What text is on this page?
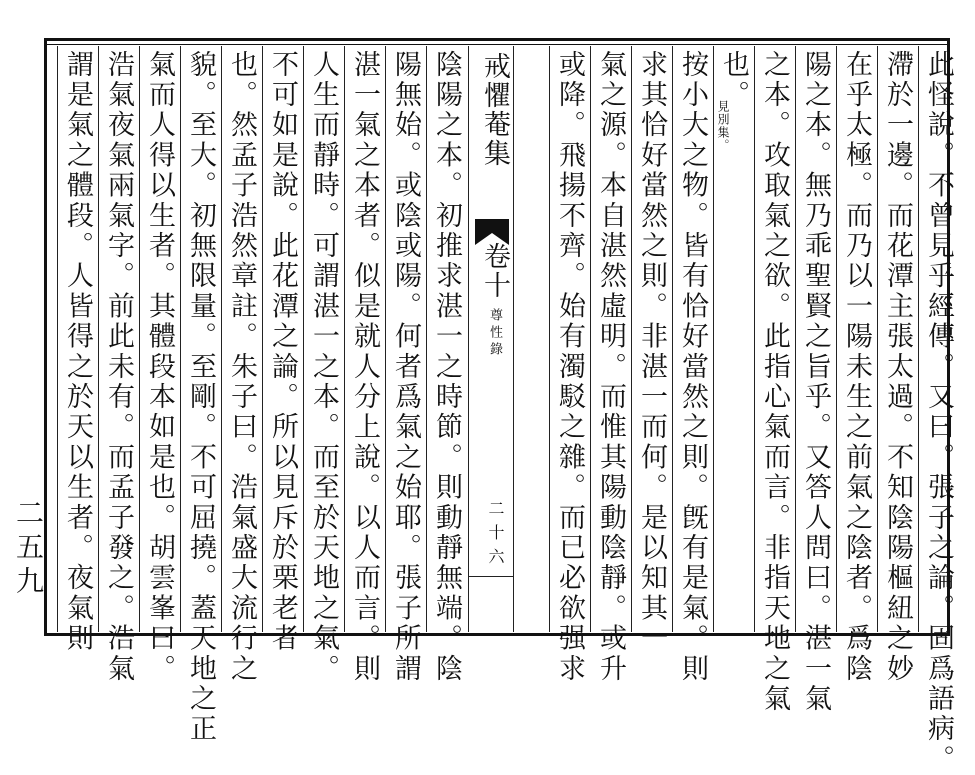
此怪說。不曾見乎經傳。又曰。張子之論。固爲語病。
滯於一邊。而花潭主張太過。不知陰陽樞紐之妙
在乎太極。而乃以一陽未生之前氣之陰者。爲陰
陽之本。無乃乖聖賢之旨乎。又答人問曰。湛一氣
之本。攻取氣之欲。此指心氣而言。非指天地之氣
也。
見別集。
按小大之物。皆有恰好當然之則。旣有是氣。則
求其恰好當然之則。非湛一而何。是以知其一
氣之源。本自湛然虛明。而惟其陽動陰靜。或升
或降。飛揚不齊。始有濁駁之雜。而已必欲强求
戒懼菴集
卷十
尊性錄
二十六
陰陽之本。初推求湛一之時節。則動靜無端。陰
陽無始。或陰或陽。何者爲氣之始耶。張子所謂
湛一氣之本者。似是就人分上說。以人而言。則
人生而靜時。可謂湛一之本。而至於天地之氣。
不可如是說。此花潭之論。所以見斥於栗老者
也。然孟子浩然章註。朱子曰。浩氣盛大流行之
貌。至大。初無限量。至剛。不可屈撓。蓋天地之正
氣而人得以生者。其體段本如是也。胡雲峯曰。
浩氣夜氣兩氣字。前此未有。而孟子發之。浩氣
謂是氣之體段。人皆得之於天以生者。夜氣則
二五九
